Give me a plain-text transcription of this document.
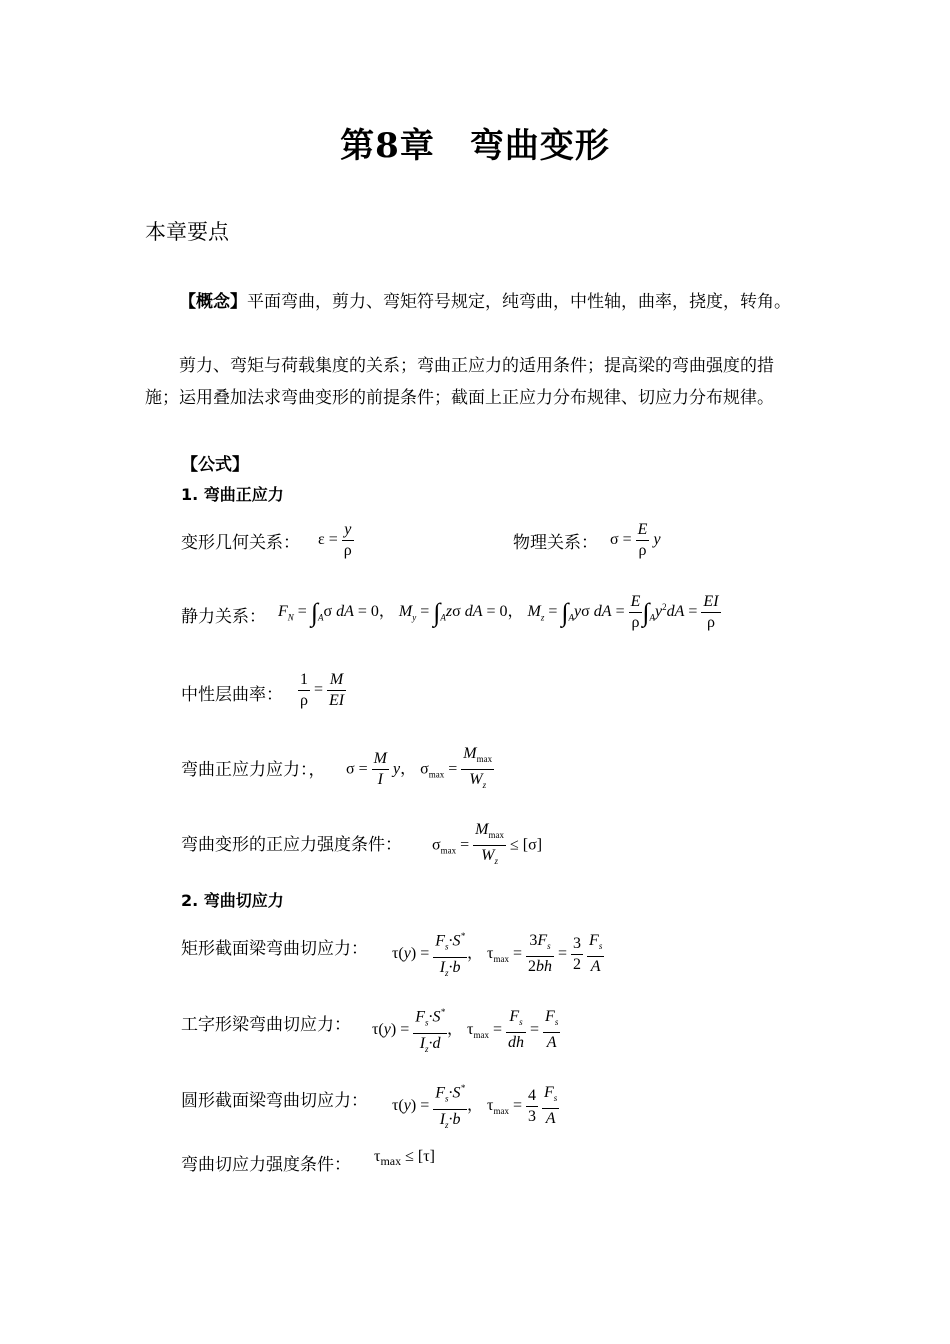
第8章　弯曲变形
本章要点
【概念】平面弯曲，剪力、弯矩符号规定，纯弯曲，中性轴，曲率，挠度，转角。
剪力、弯矩与荷载集度的关系；弯曲正应力的适用条件；提高梁的弯曲强度的措施；运用叠加法求弯曲变形的前提条件；截面上正应力分布规律、切应力分布规律。
【公式】
1. 弯曲正应力
变形几何关系： $\varepsilon = \frac{y}{\rho}$	物理关系： $\sigma = \frac{E}{\rho}$ y
静力关系： $F_N = \int_A\sigma$ dA = 0， $M_y = \int_Az\sigma$ dA = 0， $M_z = \int_Ay\sigma$ dA = $\frac{E}{\rho} \int_Ay^2dA = \frac{EI}{\rho}$
中性层曲率： $\frac{1}{\rho} = \frac{M}{EI}$
弯曲正应力应力：， $\sigma = \frac{M}{I}$ y， $\sigma_{max} = \frac{M_{max}}{W_z}$
弯曲变形的正应力强度条件： $\sigma_{max} = \frac{M_{max}}{W_z} \le [\sigma]$
2. 弯曲切应力
矩形截面梁弯曲切应力： $\tau(y) = \frac{F_s\cdot S^*}{I_z\cdot b}$ ， $\tau_{max} = \frac{3F_s}{2bh} = \frac{3}{2}$
$\frac{F_s}{A}$
工字形梁弯曲切应力： $\tau(y) = \frac{F_s\cdot S^*}{I_z\cdot d}$ ， $\tau_{max} = \frac{F_s}{dh} = \frac{F_s}{A}$
圆形截面梁弯曲切应力： $\tau(y) = \frac{F_s\cdot S^*}{I_z\cdot b}$ ， $\tau_{max} = \frac{4}{3}$
$\frac{F_s}{A}$
弯曲切应力强度条件： $\tau_{max} \le [\tau]$
